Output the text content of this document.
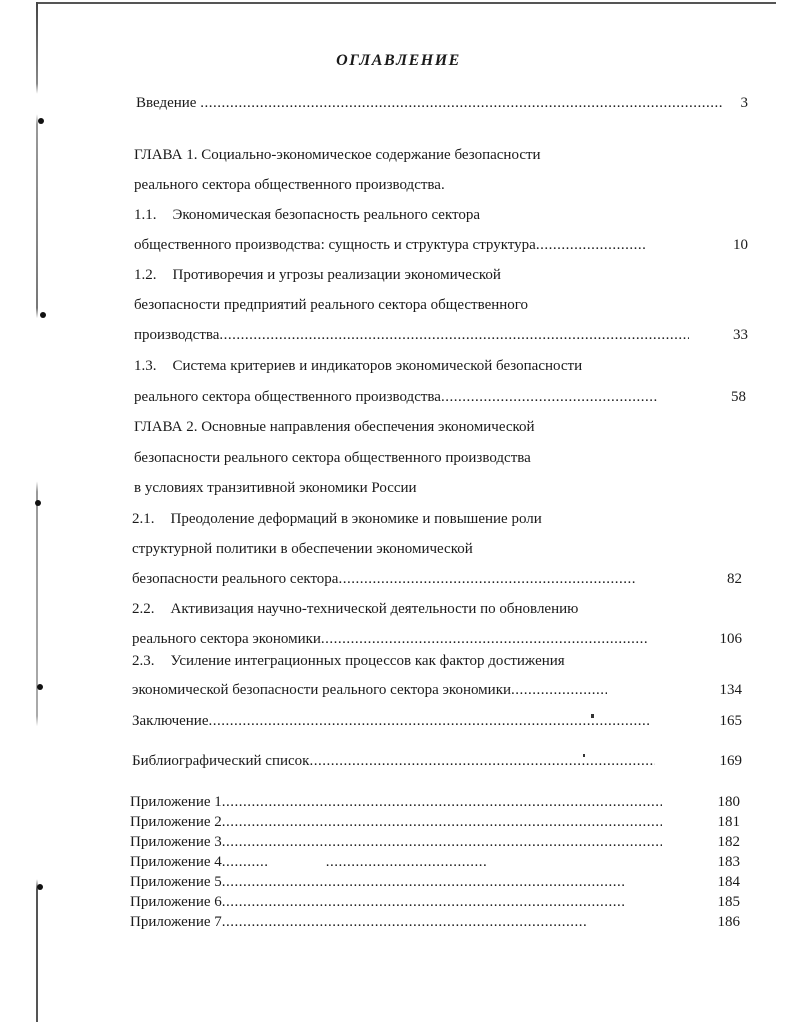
ОГЛАВЛЕНИЕ
Введение .....	3
ГЛАВА 1. Социально-экономическое содержание безопасности
реального сектора общественного производства.
1.1. Экономическая безопасность реального сектора
общественного производства: сущность и структура структура .....	10
1.2. Противоречия и угрозы реализации экономической
безопасности предприятий реального сектора общественного
производства .....	33
1.3. Система критериев и индикаторов экономической безопасности
реального сектора общественного производства .....	58
ГЛАВА 2. Основные направления обеспечения экономической
безопасности реального сектора общественного производства
в условиях транзитивной экономики России
2.1. Преодоление деформаций в экономике и повышение роли
структурной политики в обеспечении экономической
безопасности реального сектора .....	82
2.2. Активизация научно-технической деятельности по обновлению
реального сектора экономики .....	106
2.3. Усиление интеграционных процессов как фактор достижения
экономической безопасности реального сектора экономики .....	134
Заключение .....	165
Библиографический список .....	169
Приложение 1 .....	180
Приложение 2 .....	181
Приложение 3 .....	182
Приложение 4 ..... .....	183
Приложение 5 .....	184
Приложение 6 .....	185
Приложение 7 .....	186
